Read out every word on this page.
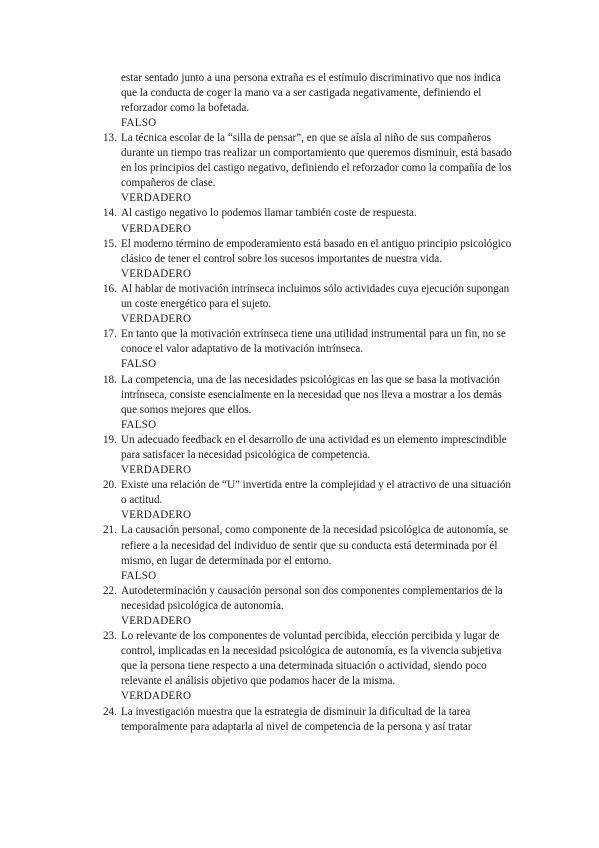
estar sentado junto a una persona extraña es el estímulo discriminativo que nos indica que la conducta de coger la mano va a ser castigada negativamente, definiendo el reforzador como la bofetada.
FALSO
13. La técnica escolar de la “silla de pensar”, en que se aísla al niño de sus compañeros durante un tiempo tras realizar un comportamiento que queremos disminuir, está basado en los principios del castigo negativo, definiendo el reforzador como la compañía de los compañeros de clase.
VERDADERO
14. Al castigo negativo lo podemos llamar también coste de respuesta.
VERDADERO
15. El moderno término de empoderamiento está basado en el antiguo principio psicológico clásico de tener el control sobre los sucesos importantes de nuestra vida.
VERDADERO
16. Al hablar de motivación intrínseca incluimos sólo actividades cuya ejecución supongan un coste energético para el sujeto.
VERDADERO
17. En tanto que la motivación extrínseca tiene una utilidad instrumental para un fin, no se conoce el valor adaptativo de la motivación intrínseca.
FALSO
18. La competencia, una de las necesidades psicológicas en las que se basa la motivación intrínseca, consiste esencialmente en la necesidad que nos lleva a mostrar a los demás que somos mejores que ellos.
FALSO
19. Un adecuado feedback en el desarrollo de una actividad es un elemento imprescindible para satisfacer la necesidad psicológica de competencia.
VERDADERO
20. Existe una relación de “U” invertida entre la complejidad y el atractivo de una situación o actitud.
VERDADERO
21. La causación personal, como componente de la necesidad psicológica de autonomía, se refiere a la necesidad del individuo de sentir que su conducta está determinada por él mismo, en lugar de determinada por el entorno.
FALSO
22. Autodeterminación y causación personal son dos componentes complementarios de la necesidad psicológica de autonomía.
VERDADERO
23. Lo relevante de los componentes de voluntad percibida, elección percibida y lugar de control, implicadas en la necesidad psicológica de autonomía, es la vivencia subjetiva que la persona tiene respecto a una determinada situación o actividad, siendo poco relevante el análisis objetivo que podamos hacer de la misma.
VERDADERO
24. La investigación muestra que la estrategia de disminuir la dificultad de la tarea temporalmente para adaptarla al nivel de competencia de la persona y así tratar
